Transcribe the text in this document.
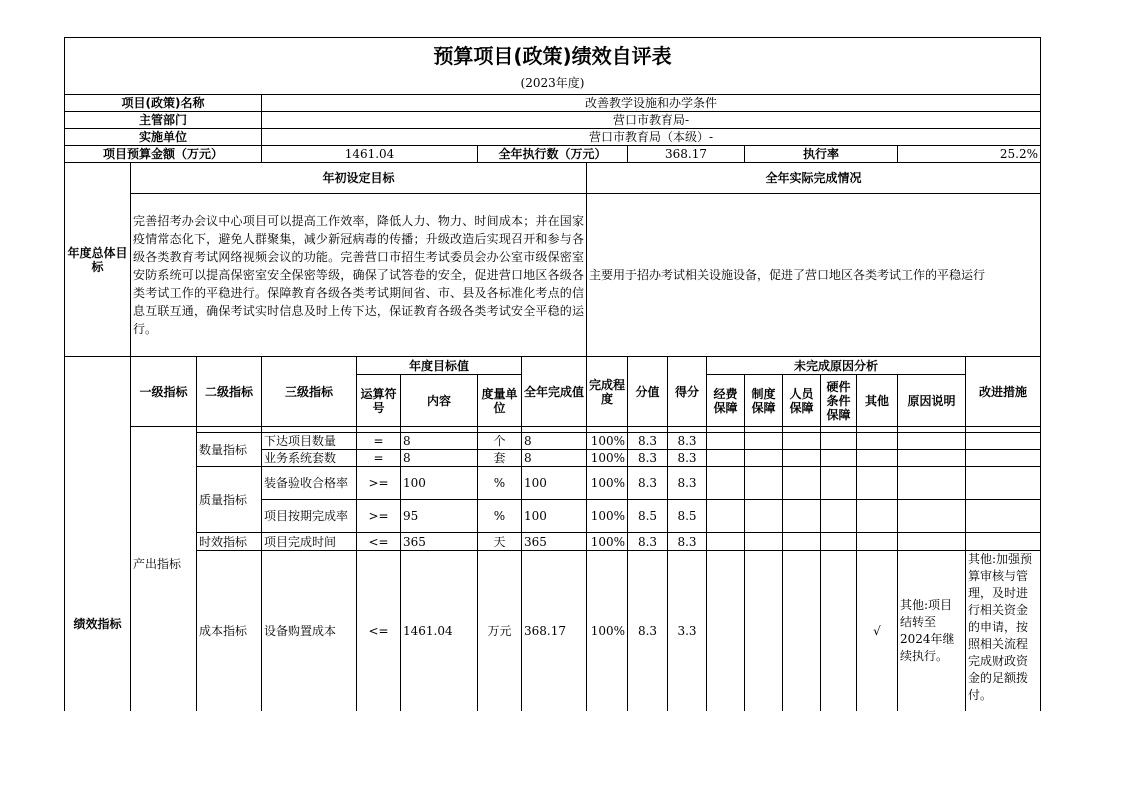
预算项目(政策)绩效自评表																	
(2023年度)																	
项目(政策)名称			改善教学设施和办学条件														
主管部门			营口市教育局-														
实施单位			营口市教育局（本级）-														
项目预算金额（万元）			1461.04			全年执行数（万元）			368.17			执行率				25.2%	
年度总体目标	年初设定目标							全年实际完成情况									
	完善招考办会议中心项目可以提高工作效率，降低人力、物力、时间成本；并在国家疫情常态化下，避免人群聚集，减少新冠病毒的传播；升级改造后实现召开和参与各级各类教育考试网络视频会议的功能。完善营口市招生考试委员会办公室市级保密室安防系统可以提高保密室安全保密等级，确保了试答卷的安全，促进营口地区各级各类考试工作的平稳进行。保障教育各级各类考试期间省、市、县及各标准化考点的信息互联互通，确保考试实时信息及时上传下达，保证教育各级各类考试安全平稳的运行。							主要用于招办考试相关设施设备，促进了营口地区各类考试工作的平稳运行									
绩效指标	一级指标	二级指标	三级指标	年度目标值			全年完成值	完成程度	分值	得分	未完成原因分析						改进措施
				运算符号	内容	度量单位					经费保障	制度保障	人员保障	硬件条件保障	其他	原因说明	
	产出指标																
		数量指标	下达项目数量	=	8	个	8	100%	8.3	8.3							
			业务系统套数	=	8	套	8	100%	8.3	8.3							
		质量指标	装备验收合格率	>=	100	%	100	100%	8.3	8.3							
			项目按期完成率	>=	95	%	100	100%	8.5	8.5							
		时效指标	项目完成时间	<=	365	天	365	100%	8.3	8.3							
		成本指标	设备购置成本	<=	1461.04	万元	368.17	100%	8.3	3.3					√	其他:项目结转至2024年继续执行。	其他:加强预算审核与管理，及时进行相关资金的申请，按照相关流程完成财政资金的足额拨付。
